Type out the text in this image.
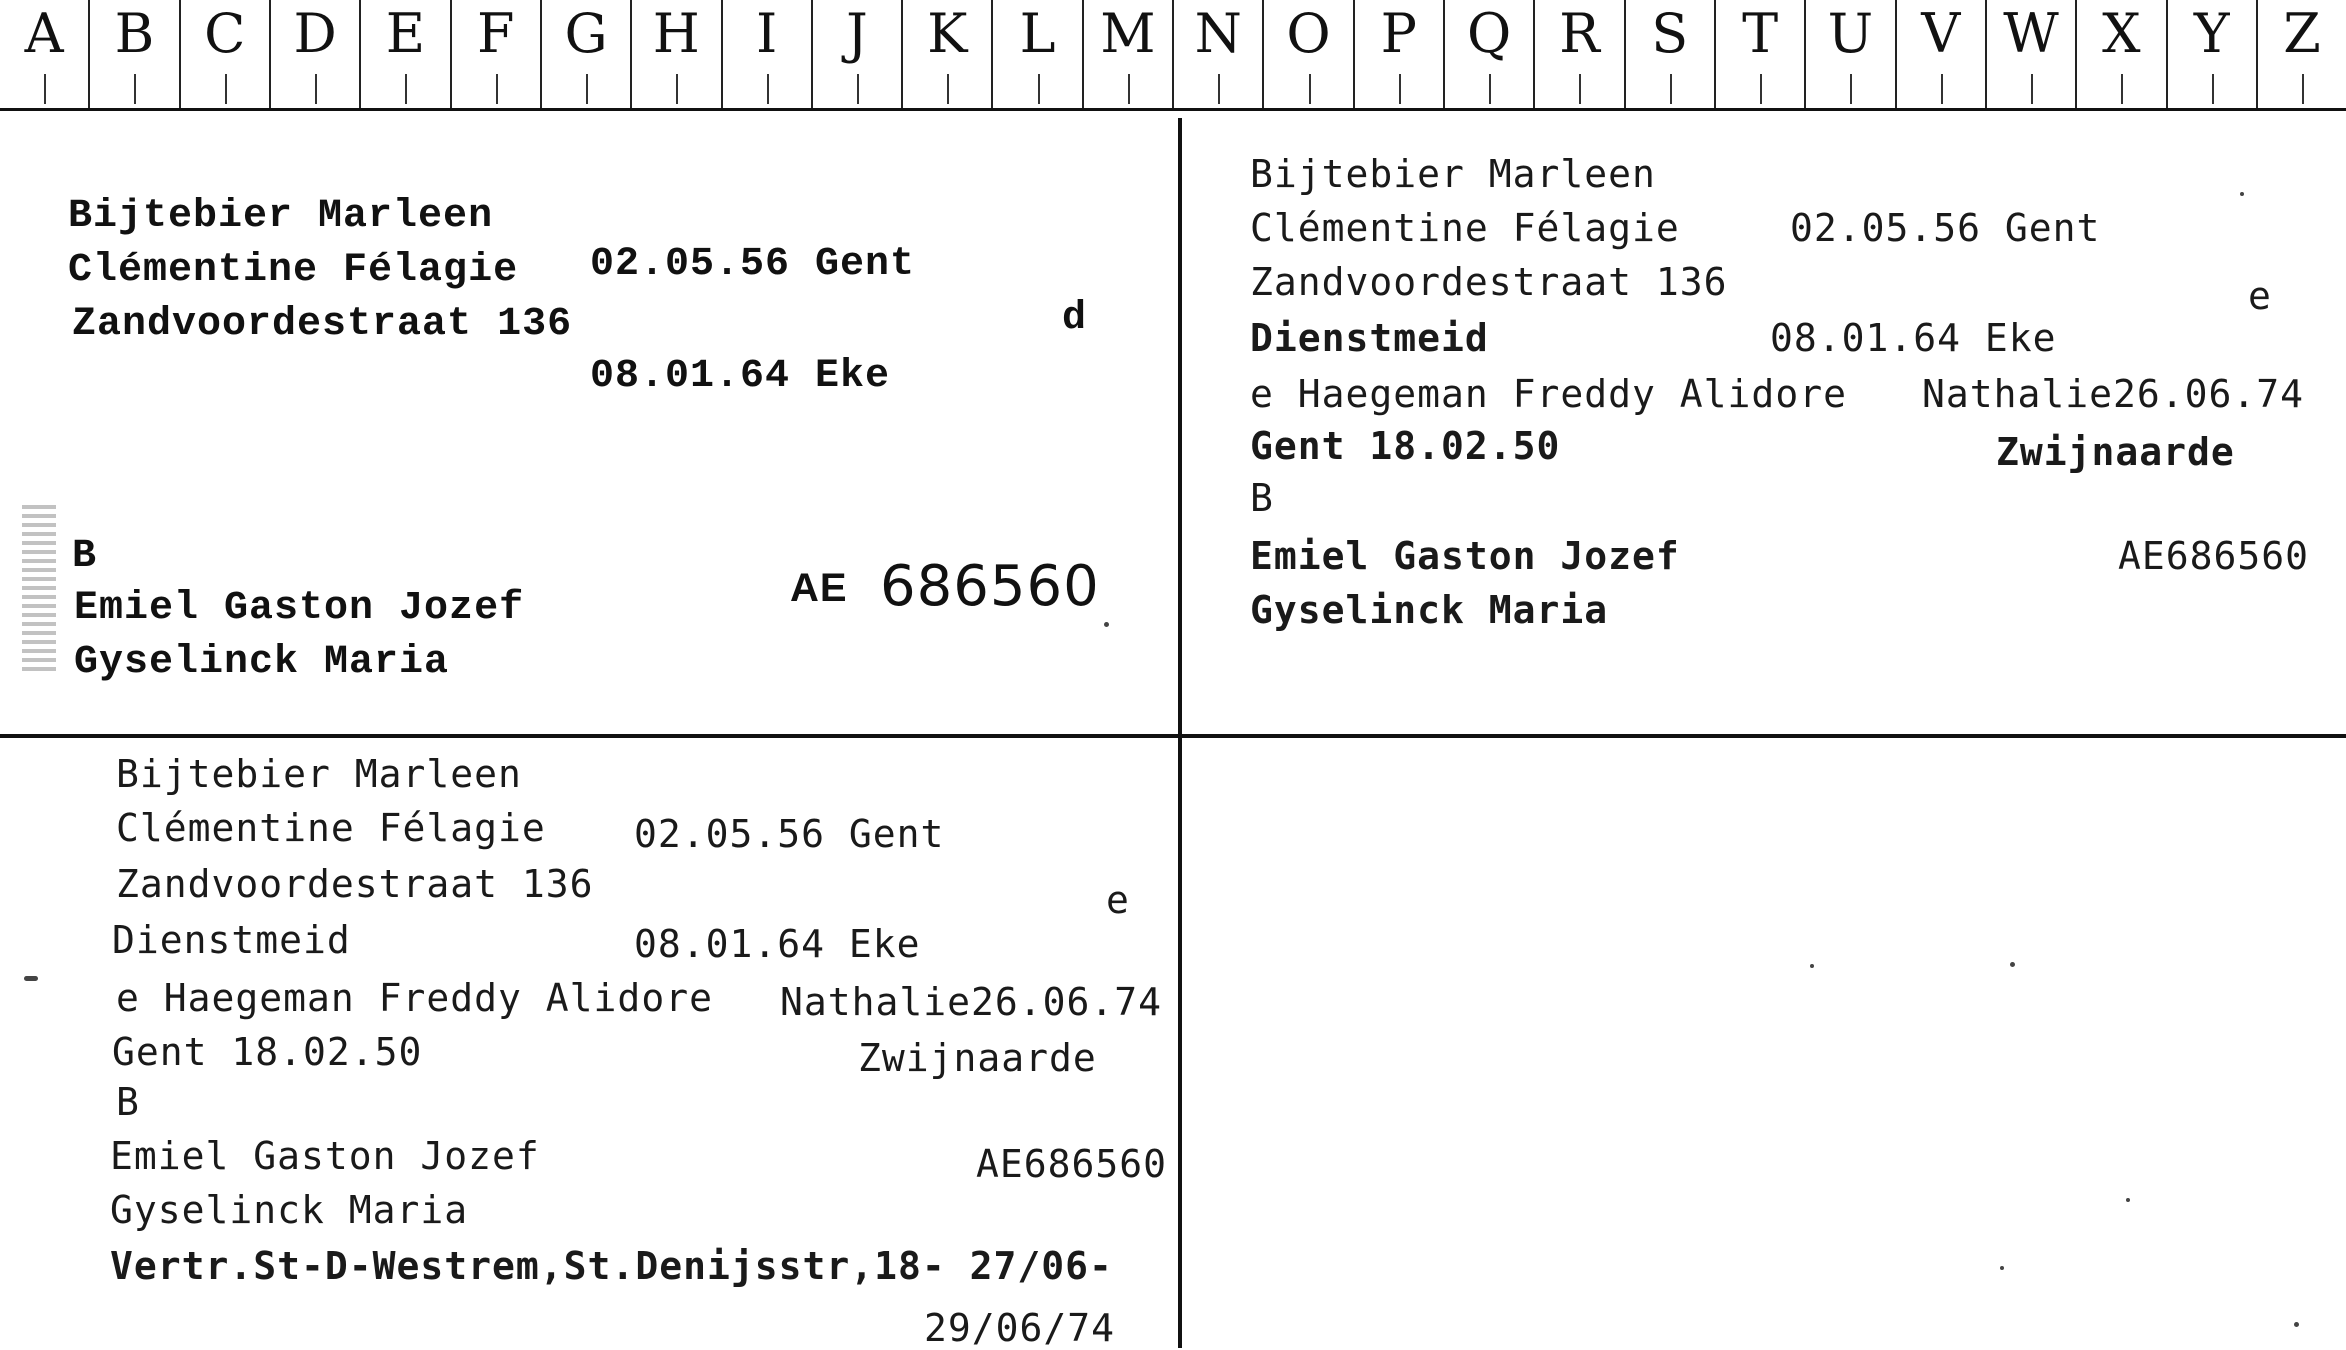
A B C D E F G H	I	J	K L M N O P Q R S T U V W X Y Z
Bijtebier Marleen
Clémentine Félagie 02.05.56 Gent
Zandvoordestraat 136	d
08.01.64 Eke
B
Emiel Gaston Jozef
Gyselinck Maria
AE 686560
Bijtebier Marleen
Clémentine Félagie	02.05.56 Gent
Zandvoordestraat 136	e
Dienstmeid	08.01.64 Eke
e Haegeman Freddy Alidore Nathalie26.06.74
Gent 18.02.50	Zwijnaarde
B
Emiel Gaston Jozef	AE686560
Gyselinck Maria
Bijtebier Marleen
Clémentine Félagie 02.05.56 Gent
Zandvoordestraat 136	e
Dienstmeid	08.01.64 Eke
e Haegeman Freddy Alidore Nathalie26.06.74
Gent 18.02.50	Zwijnaarde
B
Emiel Gaston Jozef	AE686560
Gyselinck Maria
Vertr.St-D-Westrem,St.Denijsstr,18- 27/06-
29/06/74
